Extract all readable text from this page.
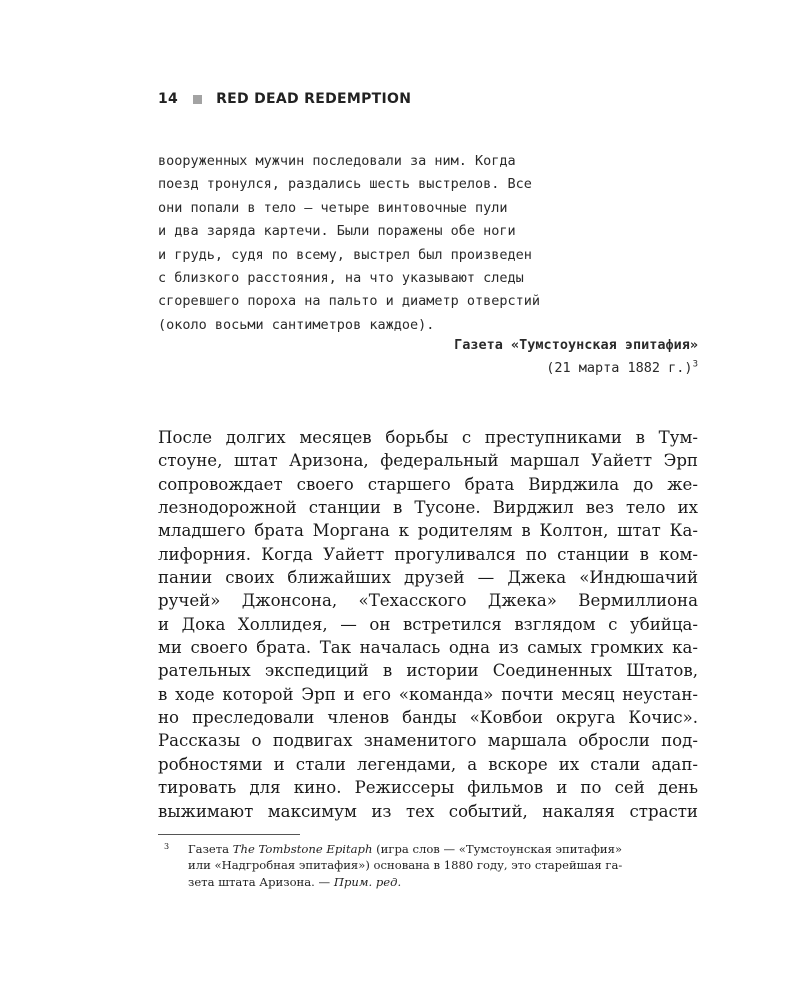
14	RED DEAD REDEMPTION
вооруженных мужчин последовали за ним. Когда
поезд тронулся, раздались шесть выстрелов. Все
они попали в тело — четыре винтовочные пули
и два заряда картечи. Были поражены обе ноги
и грудь, судя по всему, выстрел был произведен
с близкого расстояния, на что указывают следы
сгоревшего пороха на пальто и диаметр отверстий
(около восьми сантиметров каждое).
Газета «Тумстоунская эпитафия»
(21 марта 1882 г.)$^3$
После долгих месяцев борьбы с преступниками в Тум-
стоуне, штат Аризона, федеральный маршал Уайетт Эрп
сопровождает своего старшего брата Вирджила до же-
лезнодорожной станции в Тусоне. Вирджил вез тело их
младшего брата Моргана к родителям в Колтон, штат Ка-
лифорния. Когда Уайетт прогуливался по станции в ком-
пании своих ближайших друзей — Джека «Индюшачий
ручей» Джонсона, «Техасского Джека» Вермиллиона
и Дока Холлидея, — он встретился взглядом с убийца-
ми своего брата. Так началась одна из самых громких ка-
рательных экспедиций в истории Соединенных Штатов,
в ходе которой Эрп и его «команда» почти месяц неустан-
но преследовали членов банды «Ковбои округа Кочис».
Рассказы о подвигах знаменитого маршала обросли под-
робностями и стали легендами, а вскоре их стали адап-
тировать для кино. Режиссеры фильмов и по сей день
выжимают максимум из тех событий, накаляя страсти
3 Газета The Tombstone Epitaph (игра слов — «Тумстоунская эпитафия»
или «Надгробная эпитафия») основана в 1880 году, это старейшая га-
зета штата Аризона. — Прим. ред.
